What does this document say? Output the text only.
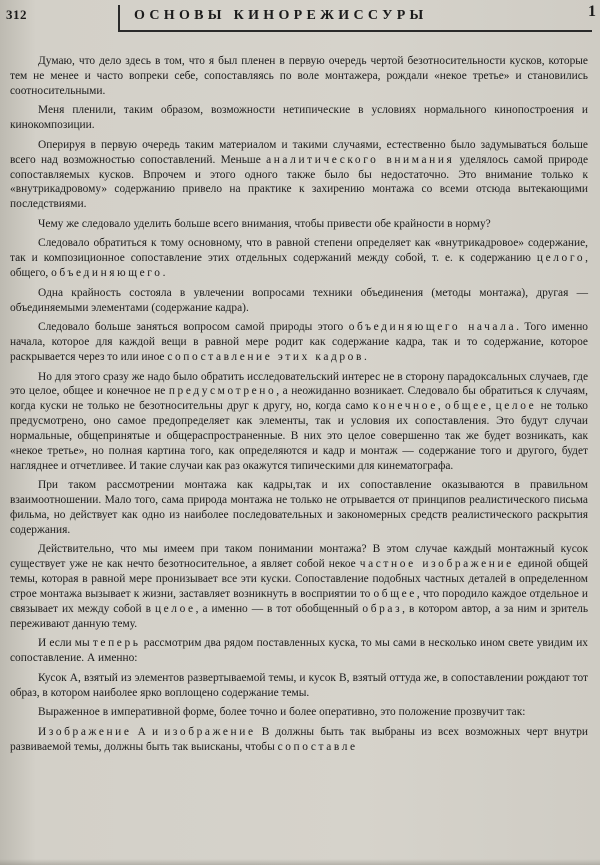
312	ОСНОВЫ КИНОРЕЖИССУРЫ	1

Думаю, что дело здесь в том, что я был пленен в первую очередь чертой безотносительности кусков, которые тем не менее и часто вопреки себе, сопоставляясь по воле монтажера, рождали «некое третье» и становились соотносительными.

Меня пленили, таким образом, возможности нетипические в условиях нормального кинопостроения и кинокомпозиции.

Оперируя в первую очередь таким материалом и такими случаями, естественно было задумываться больше всего над возможностью сопоставлений. Меньше аналитического внимания уделялось самой природе сопоставляемых кусков. Впрочем и этого одного также было бы недостаточно. Это внимание только к «внутрикадровому» содержанию привело на практике к захирению монтажа со всеми отсюда вытекающими последствиями.

Чему же следовало уделить больше всего внимания, чтобы привести обе крайности в норму?

Следовало обратиться к тому основному, что в равной степени определяет как «внутрикадровое» содержание, так и композиционное сопоставление этих отдельных содержаний между собой, т. е. к содержанию целого, общего, объединяющего.

Одна крайность состояла в увлечении вопросами техники объединения (методы монтажа), другая — объединяемыми элементами (содержание кадра).

Следовало больше заняться вопросом самой природы этого объединяющего начала. Того именно начала, которое для каждой вещи в равной мере родит как содержание кадра, так и то содержание, которое раскрывается через то или иное сопоставление этих кадров.

Но для этого сразу же надо было обратить исследовательский интерес не в сторону парадоксальных случаев, где это целое, общее и конечное не предусмотрено, а неожиданно возникает. Следовало бы обратиться к случаям, когда куски не только не безотносительны друг к другу, но, когда само конечное, общее, целое не только предусмотрено, оно самое предопределяет как элементы, так и условия их сопоставления. Это будут случаи нормальные, общепринятые и общераспространенные. В них это целое совершенно так же будет возникать, как «некое третье», но полная картина того, как определяются и кадр и монтаж — содержание того и другого, будет нагляднее и отчетливее. И такие случаи как раз окажутся типическими для кинематографа.

При таком рассмотрении монтажа как кадры,так и их сопоставление оказываются в правильном взаимоотношении. Мало того, сама природа монтажа не только не отрывается от принципов реалистического письма фильма, но действует как одно из наиболее последовательных и закономерных средств реалистического раскрытия содержания.

Действительно, что мы имеем при таком понимании монтажа? В этом случае каждый монтажный кусок существует уже не как нечто безотносительное, а являет собой некое частное изображение единой общей темы, которая в равной мере пронизывает все эти куски. Сопоставление подобных частных деталей в определенном строе монтажа вызывает к жизни, заставляет возникнуть в восприятии то общее, что породило каждое отдельное и связывает их между собой в целое, а именно — в тот обобщенный образ, в котором автор, а за ним и зритель переживают данную тему.

И если мы теперь рассмотрим два рядом поставленных куска, то мы сами в несколько ином свете увидим их сопоставление. А именно:

Кусок А, взятый из элементов развертываемой темы, и кусок В, взятый оттуда же, в сопоставлении рождают тот образ, в котором наиболее ярко воплощено содержание темы.

Выраженное в императивной форме, более точно и более оперативно, это положение прозвучит так:

Изображение А и изображение В должны быть так выбраны из всех возможных черт внутри развиваемой темы, должны быть так выисканы, чтобы сопоставле
